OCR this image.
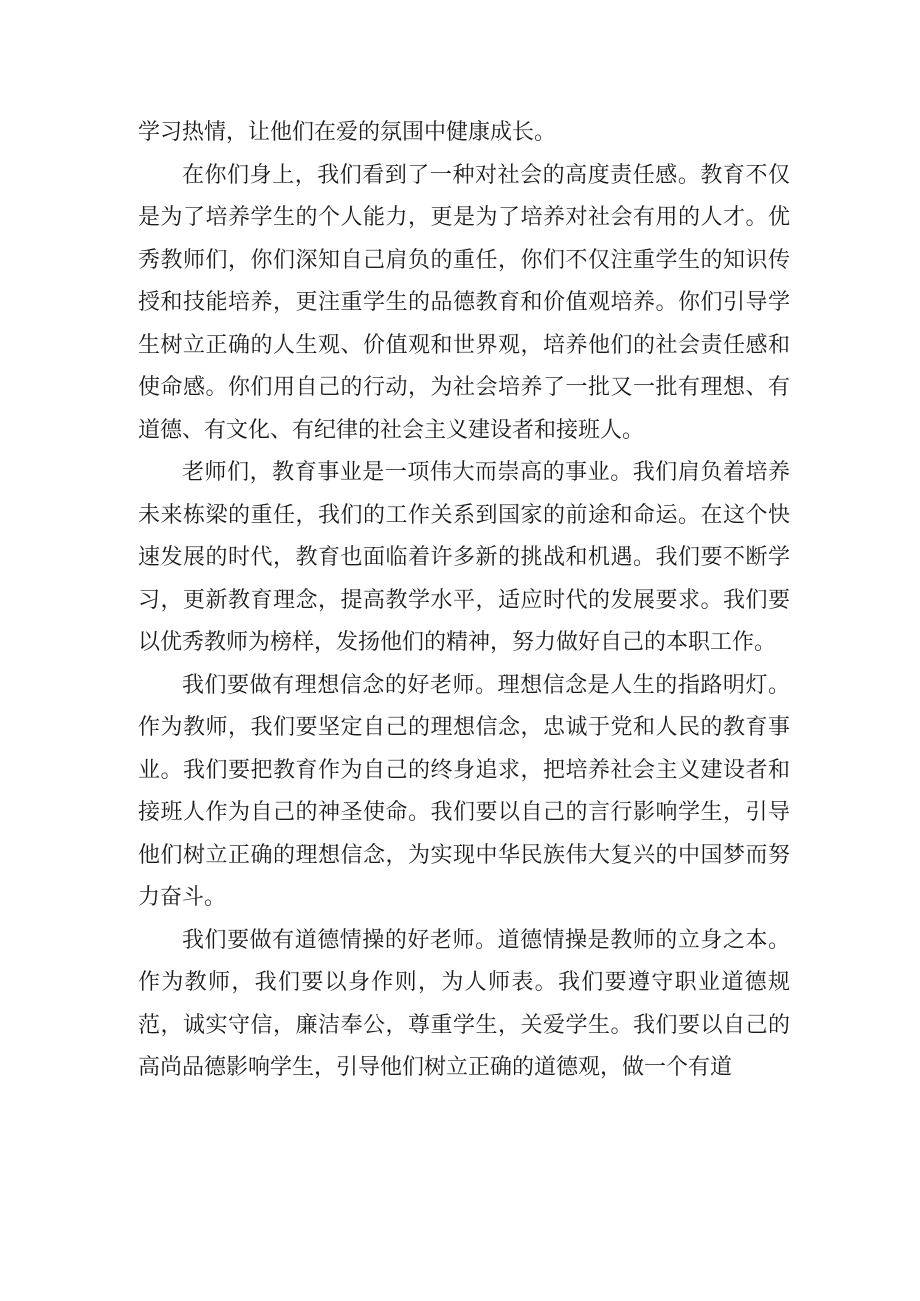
学习热情，让他们在爱的氛围中健康成长。

在你们身上，我们看到了一种对社会的高度责任感。教育不仅是为了培养学生的个人能力，更是为了培养对社会有用的人才。优秀教师们，你们深知自己肩负的重任，你们不仅注重学生的知识传授和技能培养，更注重学生的品德教育和价值观培养。你们引导学生树立正确的人生观、价值观和世界观，培养他们的社会责任感和使命感。你们用自己的行动，为社会培养了一批又一批有理想、有道德、有文化、有纪律的社会主义建设者和接班人。

老师们，教育事业是一项伟大而崇高的事业。我们肩负着培养未来栋梁的重任，我们的工作关系到国家的前途和命运。在这个快速发展的时代，教育也面临着许多新的挑战和机遇。我们要不断学习，更新教育理念，提高教学水平，适应时代的发展要求。我们要以优秀教师为榜样，发扬他们的精神，努力做好自己的本职工作。

我们要做有理想信念的好老师。理想信念是人生的指路明灯。作为教师，我们要坚定自己的理想信念，忠诚于党和人民的教育事业。我们要把教育作为自己的终身追求，把培养社会主义建设者和接班人作为自己的神圣使命。我们要以自己的言行影响学生，引导他们树立正确的理想信念，为实现中华民族伟大复兴的中国梦而努力奋斗。

我们要做有道德情操的好老师。道德情操是教师的立身之本。作为教师，我们要以身作则，为人师表。我们要遵守职业道德规范，诚实守信，廉洁奉公，尊重学生，关爱学生。我们要以自己的高尚品德影响学生，引导他们树立正确的道德观，做一个有道
